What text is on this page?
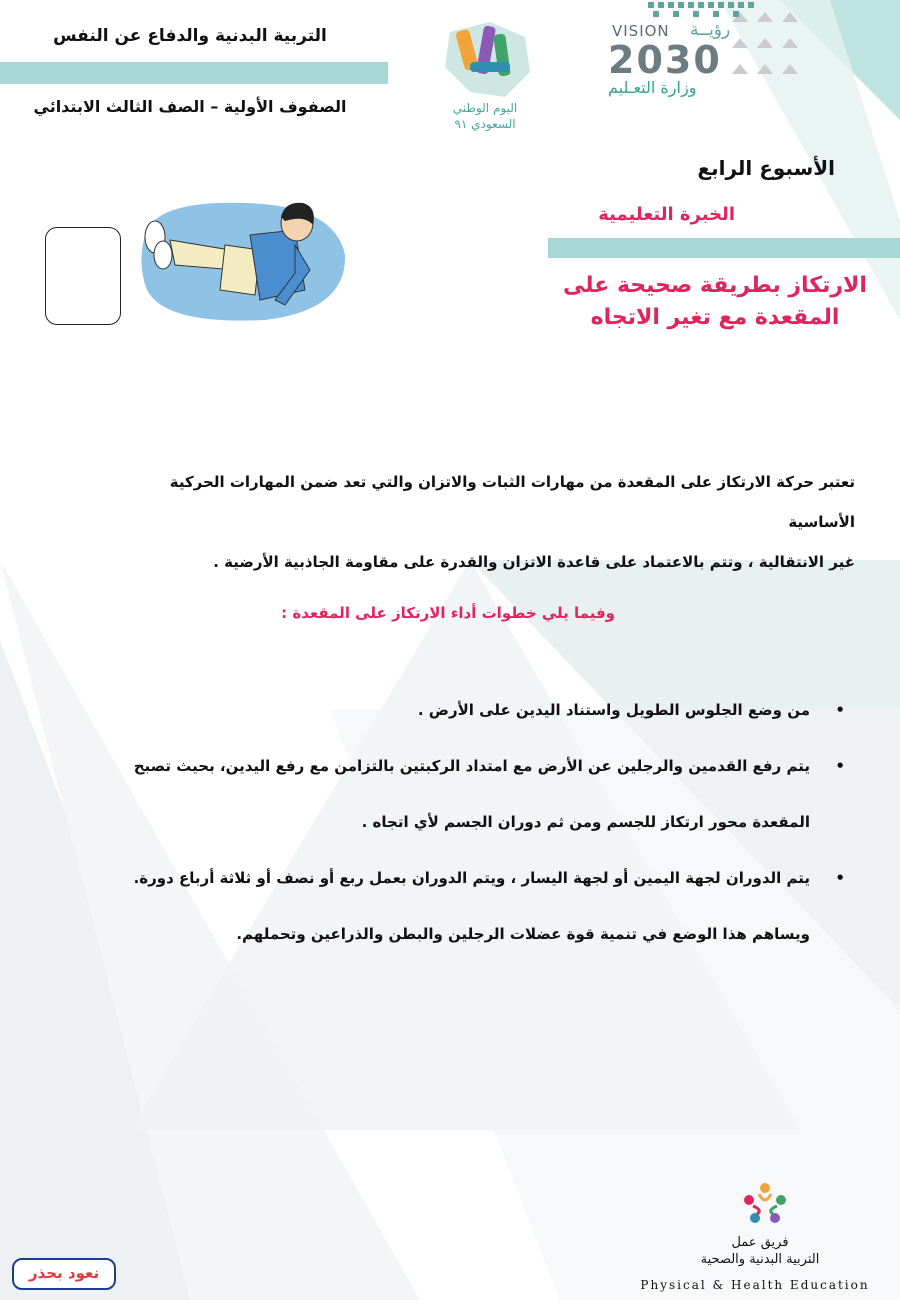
التربية البدنية والدفاع عن النفس
الصفوف الأولية – الصف الثالث الابتدائي	اليوم الوطني
السعودي ٩١
VISION رؤيــة
2030
وزارة التعـليم
الأسبوع الرابع
الخبرة التعليمية
الارتكاز بطريقة صحيحة على
المقعدة مع تغير الاتجاه
تعتبر حركة الارتكاز على المقعدة من مهارات الثبات والاتزان والتي تعد ضمن المهارات الحركية الأساسية
غير الانتقالية ، وتتم بالاعتماد على قاعدة الاتزان والقدرة على مقاومة الجاذبية الأرضية .
وفيما يلي خطوات أداء الارتكاز على المقعدة :
•
من وضع الجلوس الطويل واستناد اليدين على الأرض .
•
يتم رفع القدمين والرجلين عن الأرض مع امتداد الركبتين بالتزامن مع رفع اليدين، بحيث تصبح
المقعدة محور ارتكاز للجسم ومن ثم دوران الجسم لأي اتجاه .
•
يتم الدوران لجهة اليمين أو لجهة اليسار ، ويتم الدوران بعمل ربع أو نصف أو ثلاثة أرباع دورة.
ويساهم هذا الوضع في تنمية قوة عضلات الرجلين والبطن والذراعين وتحملهم.
فريق عمل
التربية البدنية والصحية
Physical & Health Education
نعود بحذر
